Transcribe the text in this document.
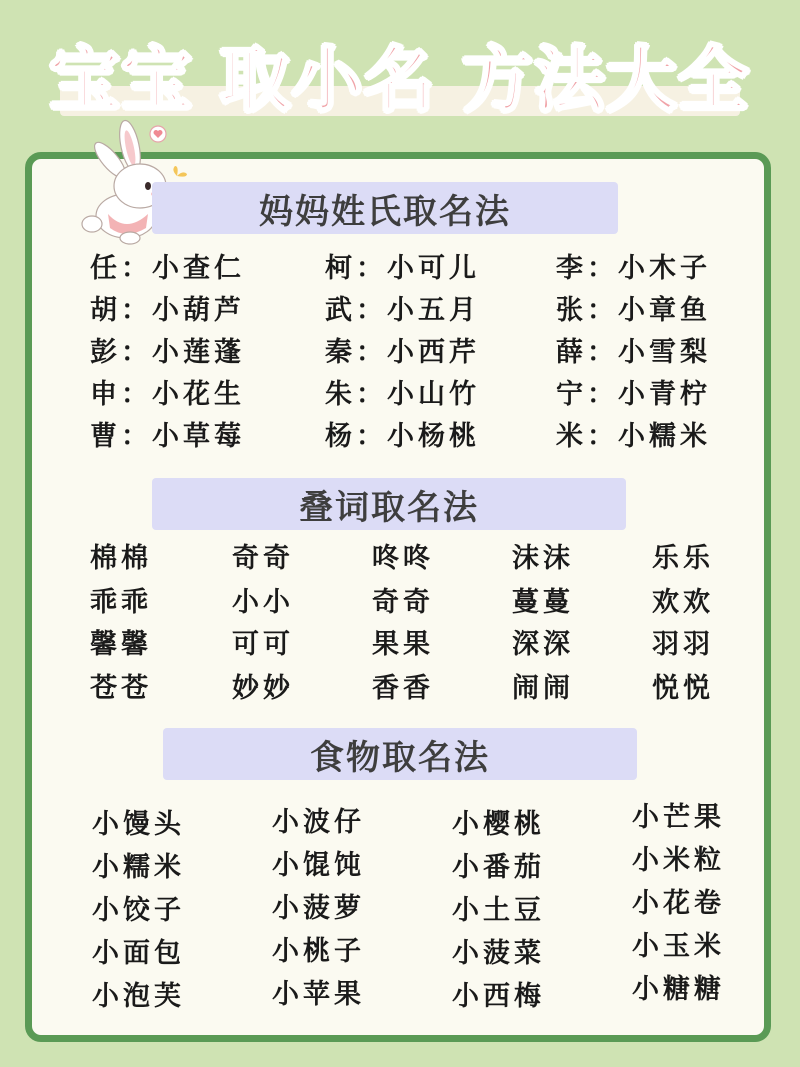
宝宝 取小名 方法大全
妈妈姓氏取名法
任：小查仁
胡：小葫芦
彭：小莲蓬
申：小花生
曹：小草莓
柯：小可儿
武：小五月
秦：小西芹
朱：小山竹
杨：小杨桃
李：小木子
张：小章鱼
薛：小雪梨
宁：小青柠
米：小糯米
叠词取名法
棉棉
乖乖
馨馨
苍苍
奇奇
小小
可可
妙妙
咚咚
奇奇
果果
香香
沫沫
蔓蔓
深深
闹闹
乐乐
欢欢
羽羽
悦悦
食物取名法
小馒头
小糯米
小饺子
小面包
小泡芙
小波仔
小馄饨
小菠萝
小桃子
小苹果
小樱桃
小番茄
小土豆
小菠菜
小西梅
小芒果
小米粒
小花卷
小玉米
小糖糖
